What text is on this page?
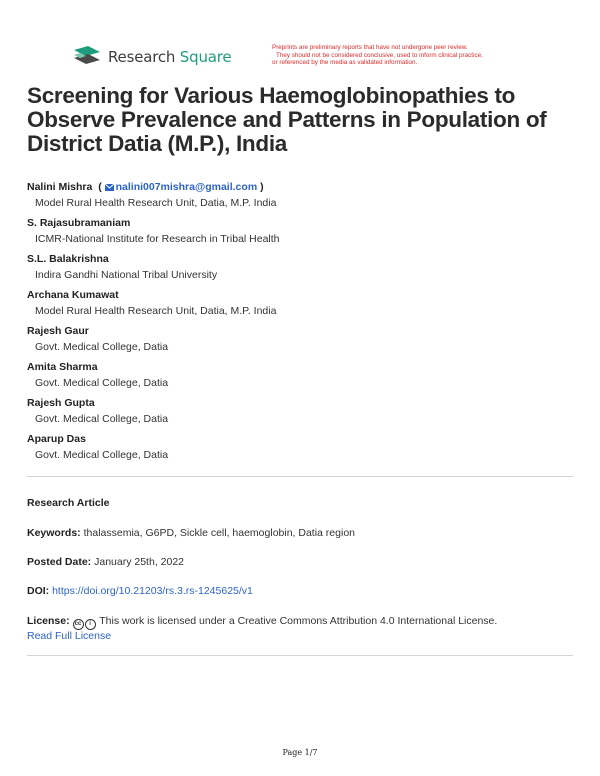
Research Square
Preprints are preliminary reports that have not undergone peer review.
They should not be considered conclusive, used to inform clinical practice,
or referenced by the media as validated information.
Screening for Various Haemoglobinopathies to Observe Prevalence and Patterns in Population of District Datia (M.P.), India
Nalini Mishra  ( nalini007mishra@gmail.com )
Model Rural Health Research Unit, Datia, M.P. India
S. Rajasubramaniam
ICMR-National Institute for Research in Tribal Health
S.L. Balakrishna
Indira Gandhi National Tribal University
Archana Kumawat
Model Rural Health Research Unit, Datia, M.P. India
Rajesh Gaur
Govt. Medical College, Datia
Amita Sharma
Govt. Medical College, Datia
Rajesh Gupta
Govt. Medical College, Datia
Aparup Das
Govt. Medical College, Datia
Research Article
Keywords: thalassemia, G6PD, Sickle cell, haemoglobin, Datia region
Posted Date: January 25th, 2022
DOI: https://doi.org/10.21203/rs.3.rs-1245625/v1
License: cc i This work is licensed under a Creative Commons Attribution 4.0 International License.
Read Full License
Page 1/7
